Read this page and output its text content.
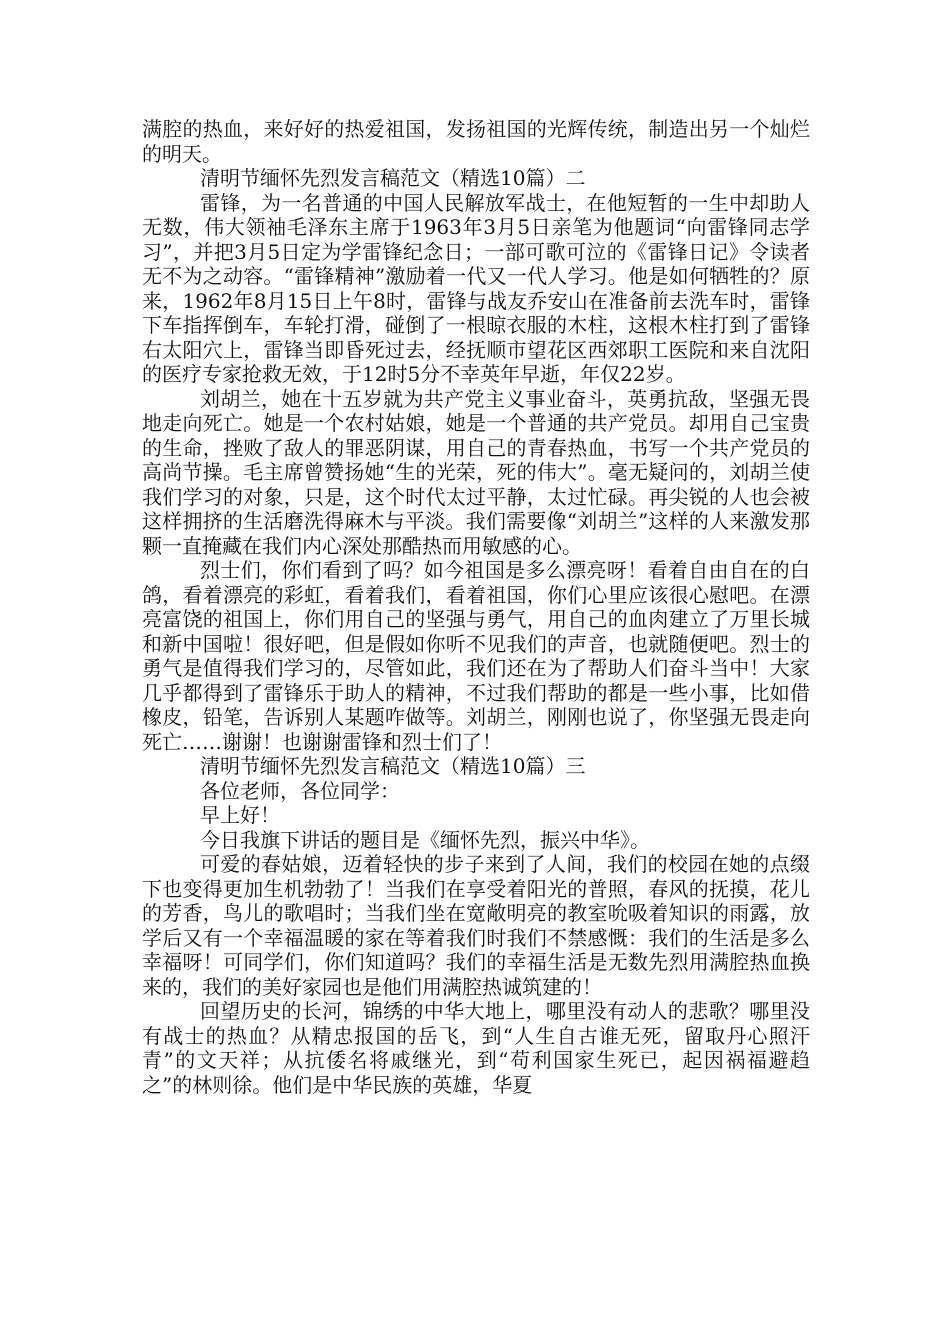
满腔的热血，来好好的热爱祖国，发扬祖国的光辉传统，制造出另一个灿烂的明天。

清明节缅怀先烈发言稿范文（精选10篇）二

雷锋，为一名普通的中国人民解放军战士，在他短暂的一生中却助人无数，伟大领袖毛泽东主席于1963年3月5日亲笔为他题词“向雷锋同志学习”，并把3月5日定为学雷锋纪念日；一部可歌可泣的《雷锋日记》令读者无不为之动容。“雷锋精神”激励着一代又一代人学习。他是如何牺牲的？原来，1962年8月15日上午8时，雷锋与战友乔安山在准备前去洗车时，雷锋下车指挥倒车，车轮打滑，碰倒了一根晾衣服的木柱，这根木柱打到了雷锋右太阳穴上，雷锋当即昏死过去，经抚顺市望花区西郊职工医院和来自沈阳的医疗专家抢救无效，于12时5分不幸英年早逝，年仅22岁。

刘胡兰，她在十五岁就为共产党主义事业奋斗，英勇抗敌，坚强无畏地走向死亡。她是一个农村姑娘，她是一个普通的共产党员。却用自己宝贵的生命，挫败了敌人的罪恶阴谋，用自己的青春热血，书写一个共产党员的高尚节操。毛主席曾赞扬她“生的光荣，死的伟大”。毫无疑问的，刘胡兰使我们学习的对象，只是，这个时代太过平静，太过忙碌。再尖锐的人也会被这样拥挤的生活磨洗得麻木与平淡。我们需要像“刘胡兰”这样的人来激发那颗一直掩藏在我们内心深处那酷热而用敏感的心。

烈士们，你们看到了吗？如今祖国是多么漂亮呀！看着自由自在的白鸽，看着漂亮的彩虹，看着我们，看着祖国，你们心里应该很心慰吧。在漂亮富饶的祖国上，你们用自己的坚强与勇气，用自己的血肉建立了万里长城和新中国啦！很好吧，但是假如你听不见我们的声音，也就随便吧。烈士的勇气是值得我们学习的，尽管如此，我们还在为了帮助人们奋斗当中！大家几乎都得到了雷锋乐于助人的精神，不过我们帮助的都是一些小事，比如借橡皮，铅笔，告诉别人某题咋做等。刘胡兰，刚刚也说了，你坚强无畏走向死亡……谢谢！也谢谢雷锋和烈士们了！

清明节缅怀先烈发言稿范文（精选10篇）三

各位老师，各位同学：

早上好！

今日我旗下讲话的题目是《缅怀先烈，振兴中华》。

可爱的春姑娘，迈着轻快的步子来到了人间，我们的校园在她的点缀下也变得更加生机勃勃了！当我们在享受着阳光的普照，春风的抚摸，花儿的芳香，鸟儿的歌唱时；当我们坐在宽敞明亮的教室吮吸着知识的雨露，放学后又有一个幸福温暖的家在等着我们时我们不禁感慨：我们的生活是多么幸福呀！可同学们，你们知道吗？我们的幸福生活是无数先烈用满腔热血换来的，我们的美好家园也是他们用满腔热诚筑建的！

回望历史的长河，锦绣的中华大地上，哪里没有动人的悲歌？哪里没有战士的热血？从精忠报国的岳飞，到“人生自古谁无死，留取丹心照汗青”的文天祥；从抗倭名将戚继光，到“苟利国家生死已，起因祸福避趋之”的林则徐。他们是中华民族的英雄，华夏
